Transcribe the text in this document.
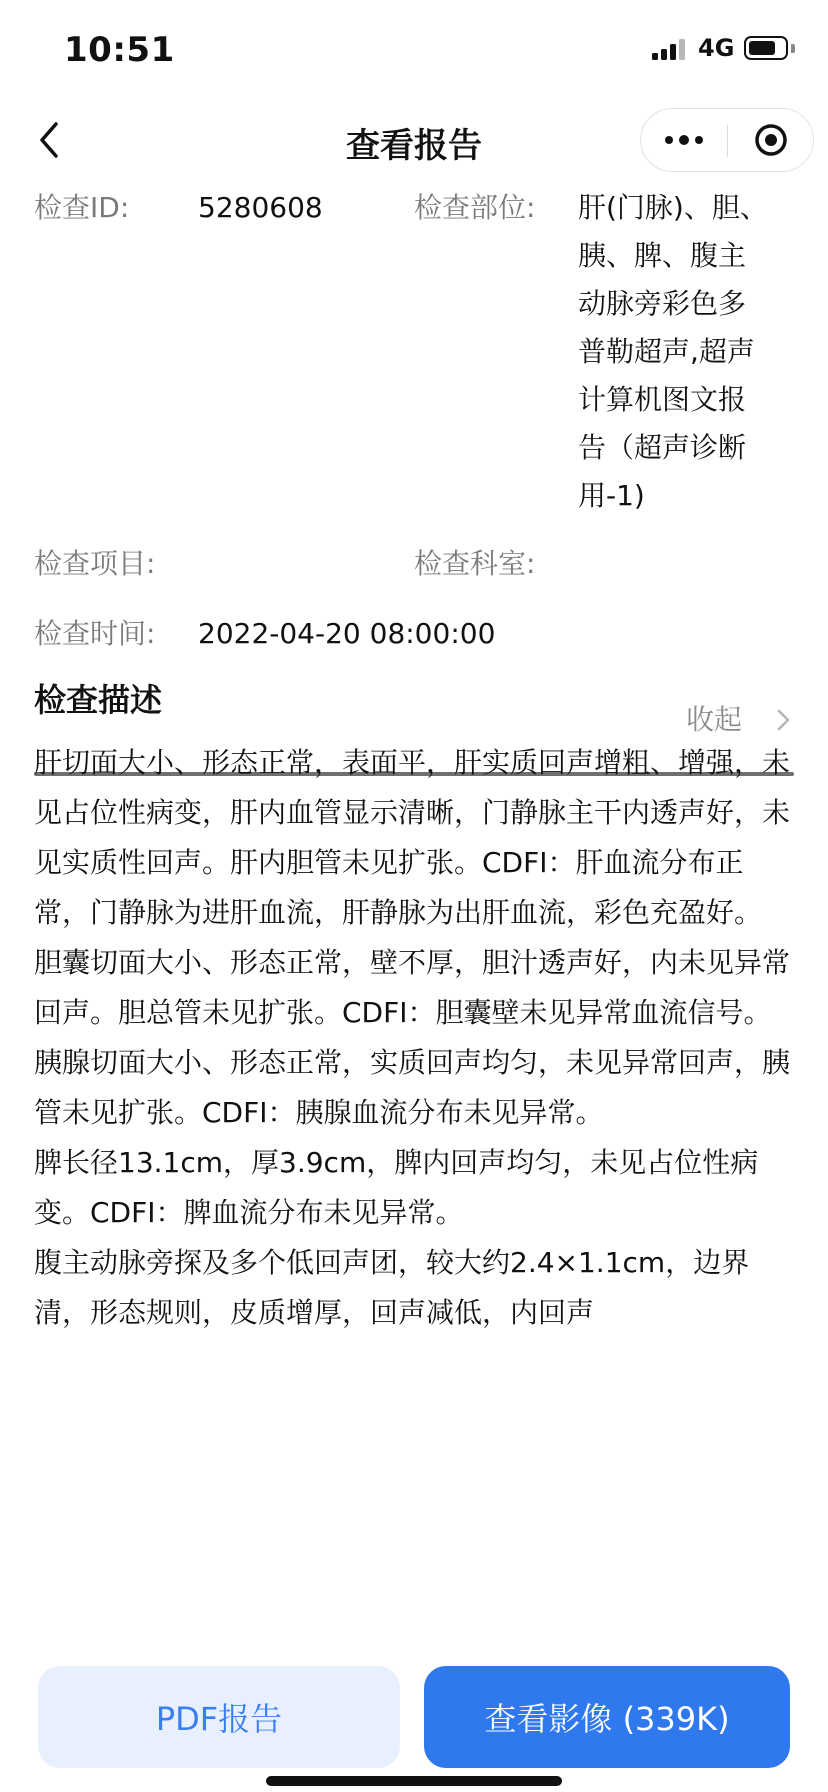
10:51	4G
查看报告
检查ID: 5280608	检查部位: 肝(门脉)、胆、
胰、脾、腹主
动脉旁彩色多
普勒超声,超声
计算机图文报
告（超声诊断
用-1)
检查项目:	检查科室:
检查时间: 2022-04-20 08:00:00
收起
检查描述

肝切面大小、形态正常，表面平，肝实质回声增粗、增强，未见占位性病变，肝内血管显示清晰，门静脉主干内透声好，未见实质性回声。肝内胆管未见扩张。CDFI：肝血流分布正常，门静脉为进肝血流，肝静脉为出肝血流，彩色充盈好。

胆囊切面大小、形态正常，壁不厚，胆汁透声好，内未见异常回声。胆总管未见扩张。CDFI：胆囊壁未见异常血流信号。

胰腺切面大小、形态正常，实质回声均匀，未见异常回声，胰管未见扩张。CDFI：胰腺血流分布未见异常。

脾长径13.1cm，厚3.9cm，脾内回声均匀，未见占位性病变。CDFI：脾血流分布未见异常。

腹主动脉旁探及多个低回声团，较大约2.4×1.1cm，边界清，形态规则，皮质增厚，回声减低，内回声

PDF报告	查看影像 (339K)
